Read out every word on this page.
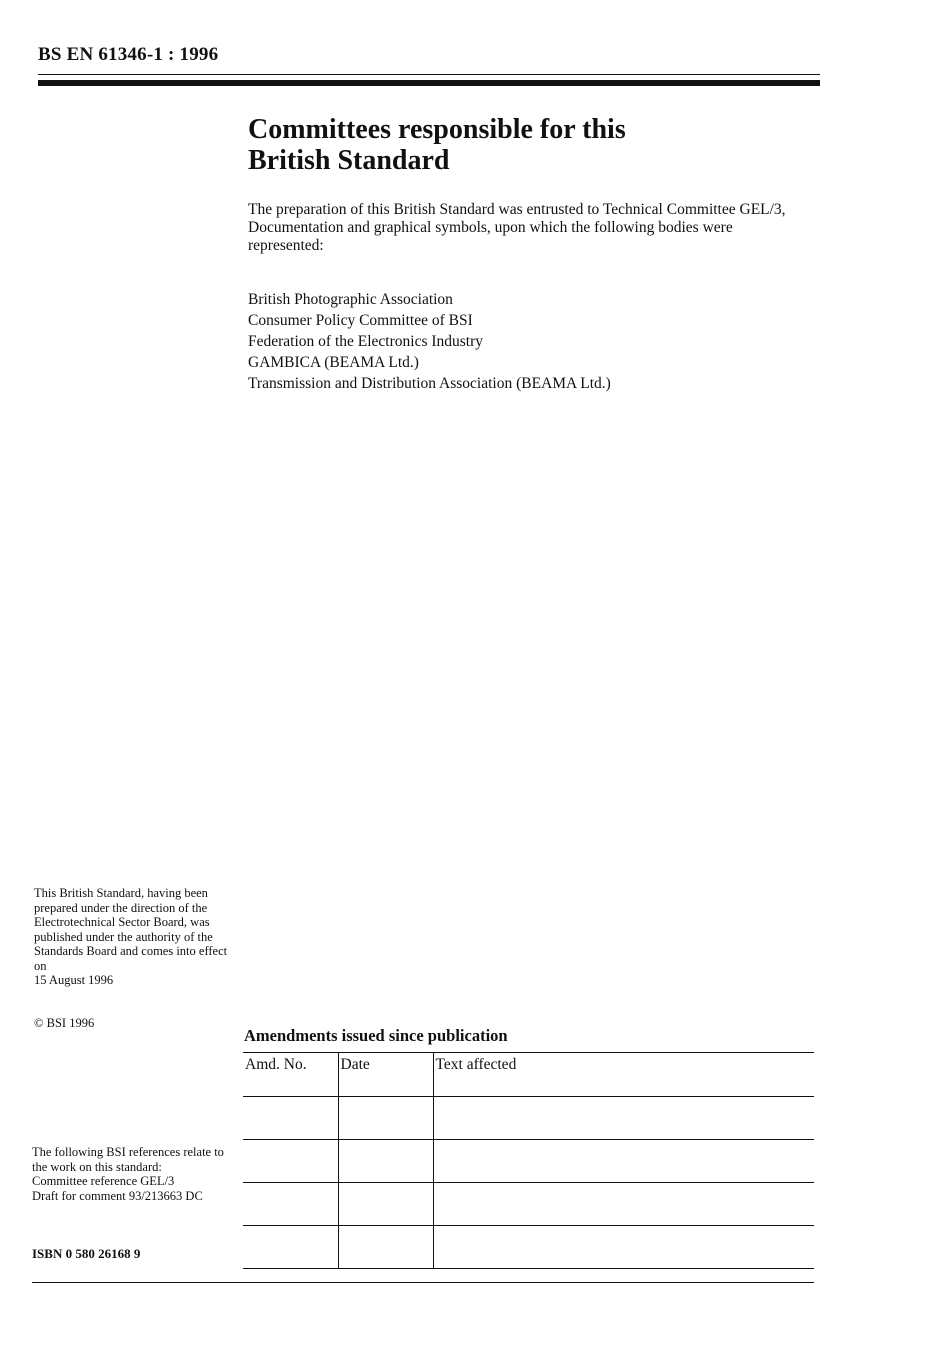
BS EN 61346-1 : 1996
Committees responsible for this
British Standard

The preparation of this British Standard was entrusted to Technical Committee GEL/3, Documentation and graphical symbols, upon which the following bodies were represented:

British Photographic Association
Consumer Policy Committee of BSI
Federation of the Electronics Industry
GAMBICA (BEAMA Ltd.)
Transmission and Distribution Association (BEAMA Ltd.)
This British Standard, having been prepared under the direction of the Electrotechnical Sector Board, was published under the authority of the Standards Board and comes into effect on
15 August 1996
© BSI 1996
The following BSI references relate to the work on this standard:
Committee reference GEL/3
Draft for comment 93/213663 DC
ISBN 0 580 26168 9
Amendments issued since publication
Amd. No.	Date	Text affected
